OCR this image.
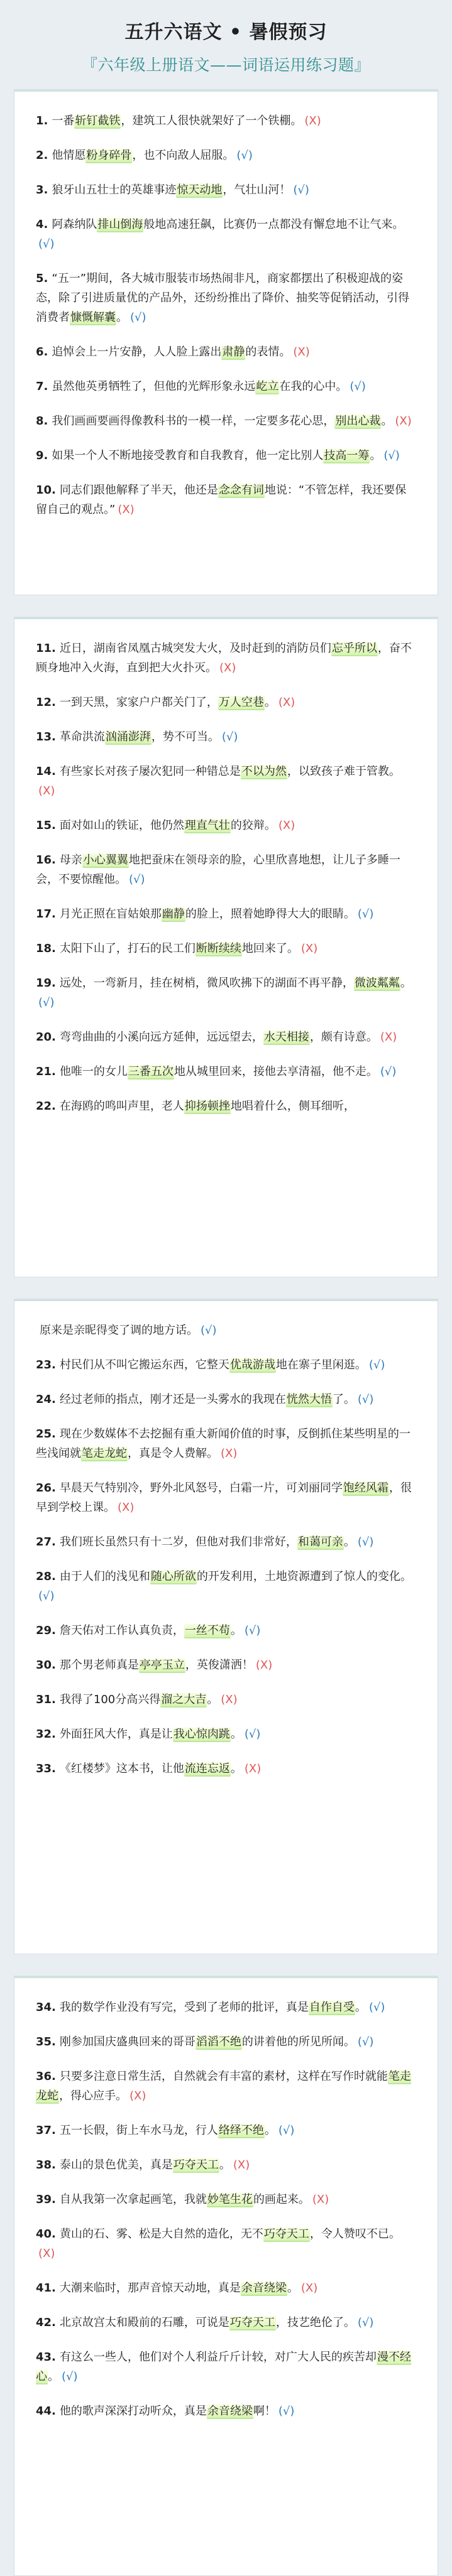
五升六语文 • 暑假预习
『六年级上册语文——词语运用练习题』

1. 一番斩钉截铁，建筑工人很快就架好了一个铁棚。 (X)

2. 他情愿粉身碎骨，也不向敌人屈服。 (√)

3. 狼牙山五壮士的英雄事迹惊天动地，气壮山河！ (√)

4. 阿森纳队排山倒海般地高速狂飙，比赛仍一点都没有懈怠地不让气来。(√)

5. “五一”期间，各大城市服装市场热闹非凡，商家都摆出了积极迎战的姿态，除了引进质量优的产品外，还纷纷推出了降价、抽奖等促销活动，引得消费者慷慨解囊。 (√)

6. 追悼会上一片安静，人人脸上露出肃静的表情。 (X)

7. 虽然他英勇牺牲了，但他的光辉形象永远屹立在我的心中。 (√)

8. 我们画画要画得像教科书的一模一样，一定要多花心思，别出心裁。 (X)

9. 如果一个人不断地接受教育和自我教育，他一定比别人技高一筹。 (√)

10. 同志们跟他解释了半天，他还是念念有词地说：“不管怎样，我还要保留自己的观点。” (X)

11. 近日，湖南省凤凰古城突发大火，及时赶到的消防员们忘乎所以，奋不顾身地冲入火海，直到把大火扑灭。 (X)

12. 一到天黑，家家户户都关门了，万人空巷。 (X)

13. 革命洪流汹涌澎湃，势不可当。 (√)

14. 有些家长对孩子屡次犯同一种错总是不以为然，以致孩子难于管教。(X)

15. 面对如山的铁证，他仍然理直气壮的狡辩。 (X)

16. 母亲小心翼翼地把蚕床在领母亲的脸，心里欣喜地想，让儿子多睡一会，不要惊醒他。 (√)

17. 月光正照在盲姑娘那幽静的脸上，照着她睁得大大的眼睛。 (√)

18. 太阳下山了，打石的民工们断断续续地回来了。 (X)

19. 远处，一弯新月，挂在树梢，微风吹拂下的湖面不再平静，微波粼粼。(√)

20. 弯弯曲曲的小溪向远方延伸，远远望去，水天相接，颇有诗意。 (X)

21. 他唯一的女儿三番五次地从城里回来，接他去享清福，他不走。 (√)

22. 在海鸥的鸣叫声里，老人抑扬顿挫地唱着什么，侧耳细听，

原来是亲昵得变了调的地方话。 (√)

23. 村民们从不叫它搬运东西，它整天优哉游哉地在寨子里闲逛。 (√)

24. 经过老师的指点，刚才还是一头雾水的我现在恍然大悟了。 (√)

25. 现在少数媒体不去挖掘有重大新闻价值的时事，反倒抓住某些明星的一些浅闻就笔走龙蛇，真是令人费解。 (X)

26. 早晨天气特别冷，野外北风怒号，白霜一片，可刘丽同学饱经风霜，很早到学校上课。 (X)

27. 我们班长虽然只有十二岁，但他对我们非常好，和蔼可亲。 (√)

28. 由于人们的浅见和随心所欲的开发利用，土地资源遭到了惊人的变化。(√)

29. 詹天佑对工作认真负责，一丝不苟。 (√)

30. 那个男老师真是亭亭玉立，英俊潇洒！ (X)

31. 我得了100分高兴得溜之大吉。 (X)

32. 外面狂风大作，真是让我心惊肉跳。 (√)

33. 《红楼梦》这本书，让他流连忘返。 (X)

34. 我的数学作业没有写完，受到了老师的批评，真是自作自受。 (√)

35. 刚参加国庆盛典回来的哥哥滔滔不绝的讲着他的所见所闻。 (√)

36. 只要多注意日常生活，自然就会有丰富的素材，这样在写作时就能笔走龙蛇，得心应手。 (X)

37. 五一长假，街上车水马龙，行人络绎不绝。 (√)

38. 泰山的景色优美，真是巧夺天工。 (X)

39. 自从我第一次拿起画笔，我就妙笔生花的画起来。 (X)

40. 黄山的石、雾、松是大自然的造化，无不巧夺天工，令人赞叹不已。(X)

41. 大潮来临时，那声音惊天动地，真是余音绕梁。 (X)

42. 北京故宫太和殿前的石雕，可说是巧夺天工，技艺绝伦了。 (√)

43. 有这么一些人，他们对个人利益斤斤计较，对广大人民的疾苦却漫不经心。 (√)

44. 他的歌声深深打动听众，真是余音绕梁啊！ (√)
